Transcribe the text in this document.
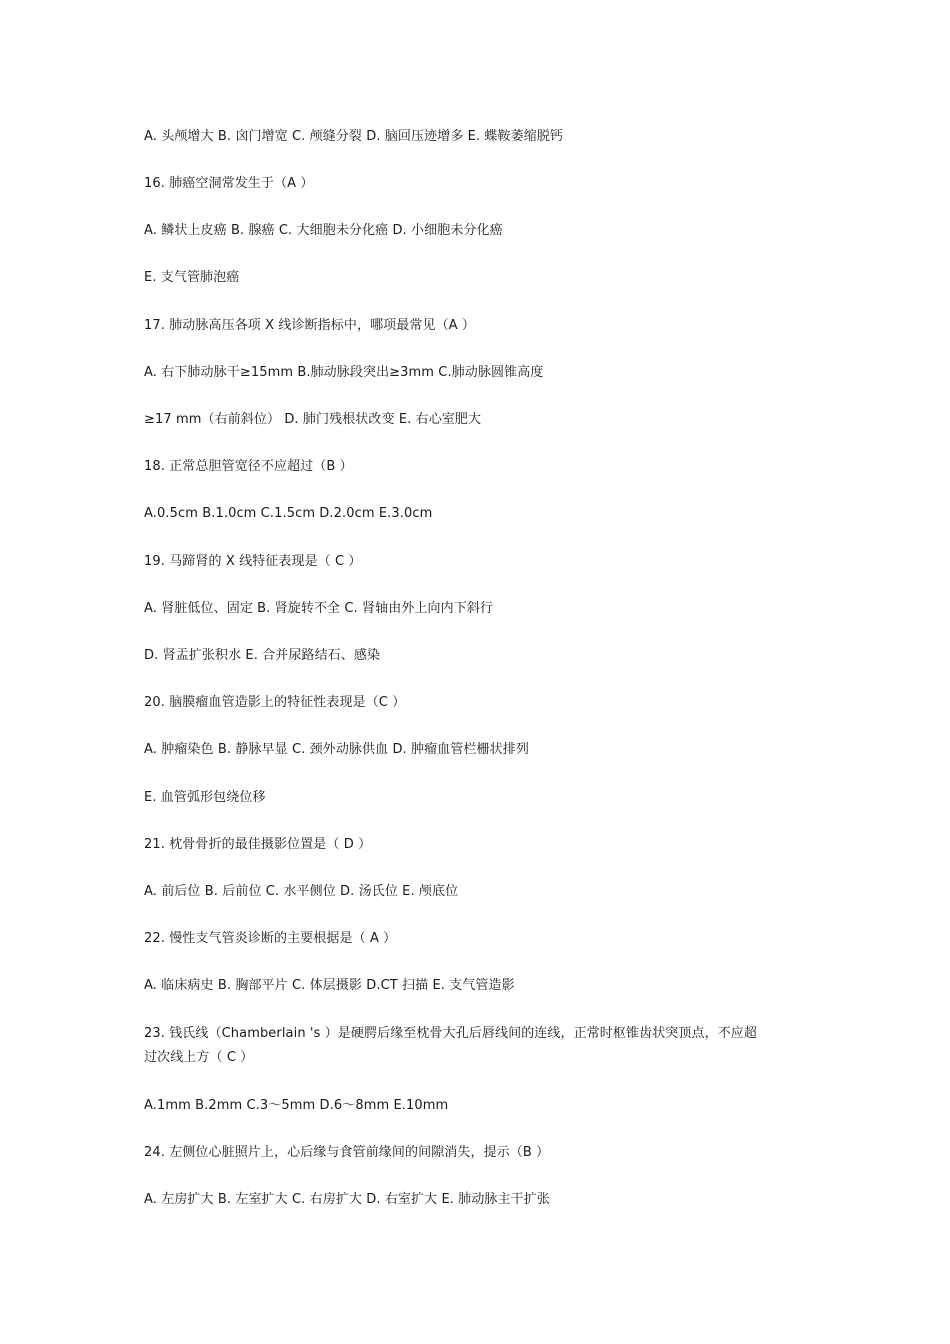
A. 头颅增大 B. 囟门增宽 C. 颅缝分裂 D. 脑回压迹增多 E. 蝶鞍萎缩脱钙
16. 肺癌空洞常发生于（A ）
A. 鳞状上皮癌 B. 腺癌 C. 大细胞未分化癌 D. 小细胞未分化癌
E. 支气管肺泡癌
17. 肺动脉高压各项 X 线诊断指标中，哪项最常见（A ）
A. 右下肺动脉干≥15mm B.肺动脉段突出≥3mm C.肺动脉圆锥高度
≥17 mm（右前斜位） D. 肺门残根状改变 E. 右心室肥大
18. 正常总胆管宽径不应超过（B ）
A.0.5cm B.1.0cm C.1.5cm D.2.0cm E.3.0cm
19. 马蹄肾的 X 线特征表现是（ C ）
A. 肾脏低位、固定 B. 肾旋转不全 C. 肾轴由外上向内下斜行
D. 肾盂扩张积水 E. 合并尿路结石、感染
20. 脑膜瘤血管造影上的特征性表现是（C ）
A. 肿瘤染色 B. 静脉早显 C. 颈外动脉供血 D. 肿瘤血管栏栅状排列
E. 血管弧形包绕位移
21. 枕骨骨折的最佳摄影位置是（ D ）
A. 前后位 B. 后前位 C. 水平侧位 D. 汤氏位 E. 颅底位
22. 慢性支气管炎诊断的主要根据是（ A ）
A. 临床病史 B. 胸部平片 C. 体层摄影 D.CT 扫描 E. 支气管造影
23. 钱氏线（Chamberlain 's ）是硬腭后缘至枕骨大孔后唇线间的连线，正常时枢锥齿状突顶点，不应超
过次线上方（ C ）
A.1mm B.2mm C.3～5mm D.6～8mm E.10mm
24. 左侧位心脏照片上，心后缘与食管前缘间的间隙消失，提示（B ）
A. 左房扩大 B. 左室扩大 C. 右房扩大 D. 右室扩大 E. 肺动脉主干扩张
